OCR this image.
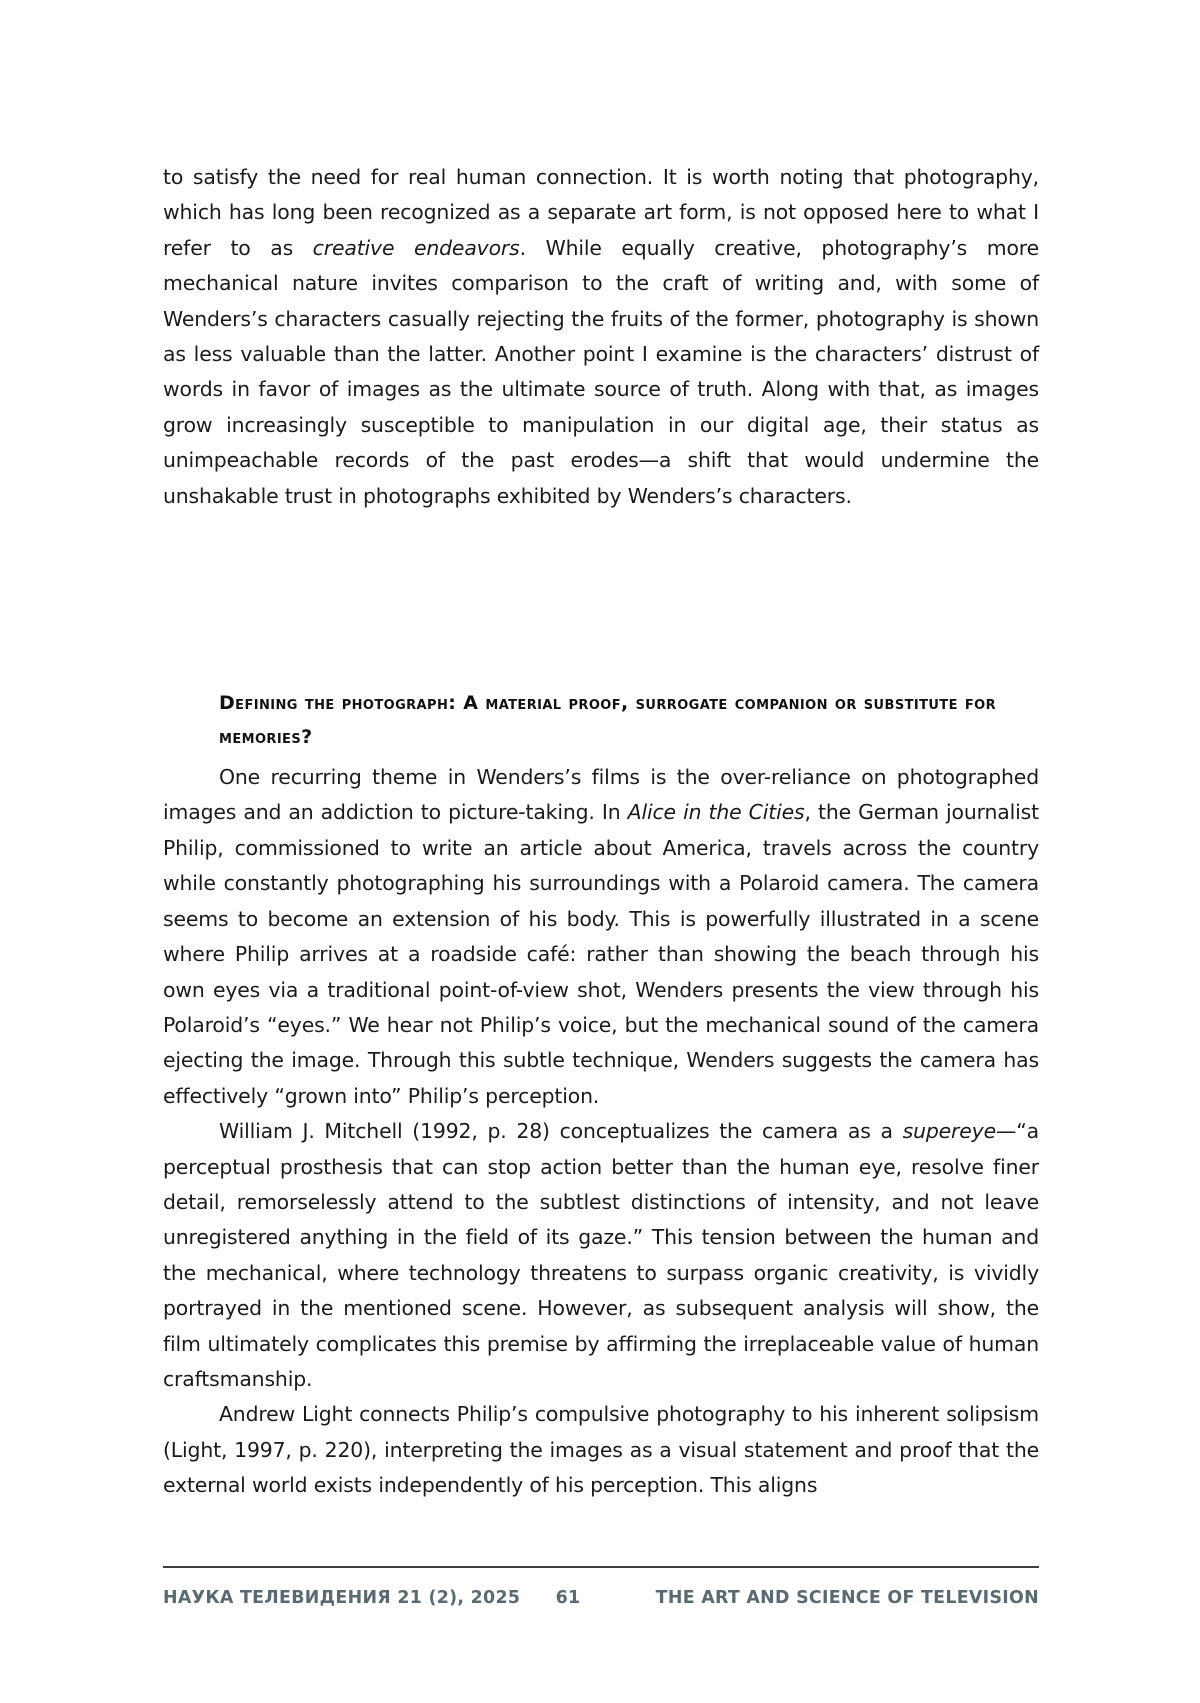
to satisfy the need for real human connection. It is worth noting that photography, which has long been recognized as a separate art form, is not opposed here to what I refer to as creative endeavors. While equally creative, photography’s more mechanical nature invites comparison to the craft of writing and, with some of Wenders’s characters casually rejecting the fruits of the former, photography is shown as less valuable than the latter. Another point I examine is the characters’ distrust of words in favor of images as the ultimate source of truth. Along with that, as images grow increasingly susceptible to manipulation in our digital age, their status as unimpeachable records of the past erodes—a shift that would undermine the unshakable trust in photographs exhibited by Wenders’s characters.

Defining the photograph: A material proof, surrogate companion or substitute for memories?

One recurring theme in Wenders’s films is the over-reliance on photographed images and an addiction to picture-taking. In Alice in the Cities, the German journalist Philip, commissioned to write an article about America, travels across the country while constantly photographing his surroundings with a Polaroid camera. The camera seems to become an extension of his body. This is powerfully illustrated in a scene where Philip arrives at a roadside café: rather than showing the beach through his own eyes via a traditional point-of-view shot, Wenders presents the view through his Polaroid’s “eyes.” We hear not Philip’s voice, but the mechanical sound of the camera ejecting the image. Through this subtle technique, Wenders suggests the camera has effectively “grown into” Philip’s perception.

William J. Mitchell (1992, p. 28) conceptualizes the camera as a supereye—“a perceptual prosthesis that can stop action better than the human eye, resolve finer detail, remorselessly attend to the subtlest distinctions of intensity, and not leave unregistered anything in the field of its gaze.” This tension between the human and the mechanical, where technology threatens to surpass organic creativity, is vividly portrayed in the mentioned scene. However, as subsequent analysis will show, the film ultimately complicates this premise by affirming the irreplaceable value of human craftsmanship.

Andrew Light connects Philip’s compulsive photography to his inherent solipsism (Light, 1997, p. 220), interpreting the images as a visual statement and proof that the external world exists independently of his perception. This aligns

НАУКА ТЕЛЕВИДЕНИЯ 21 (2), 2025 61	THE ART AND SCIENCE OF TELEVISION
